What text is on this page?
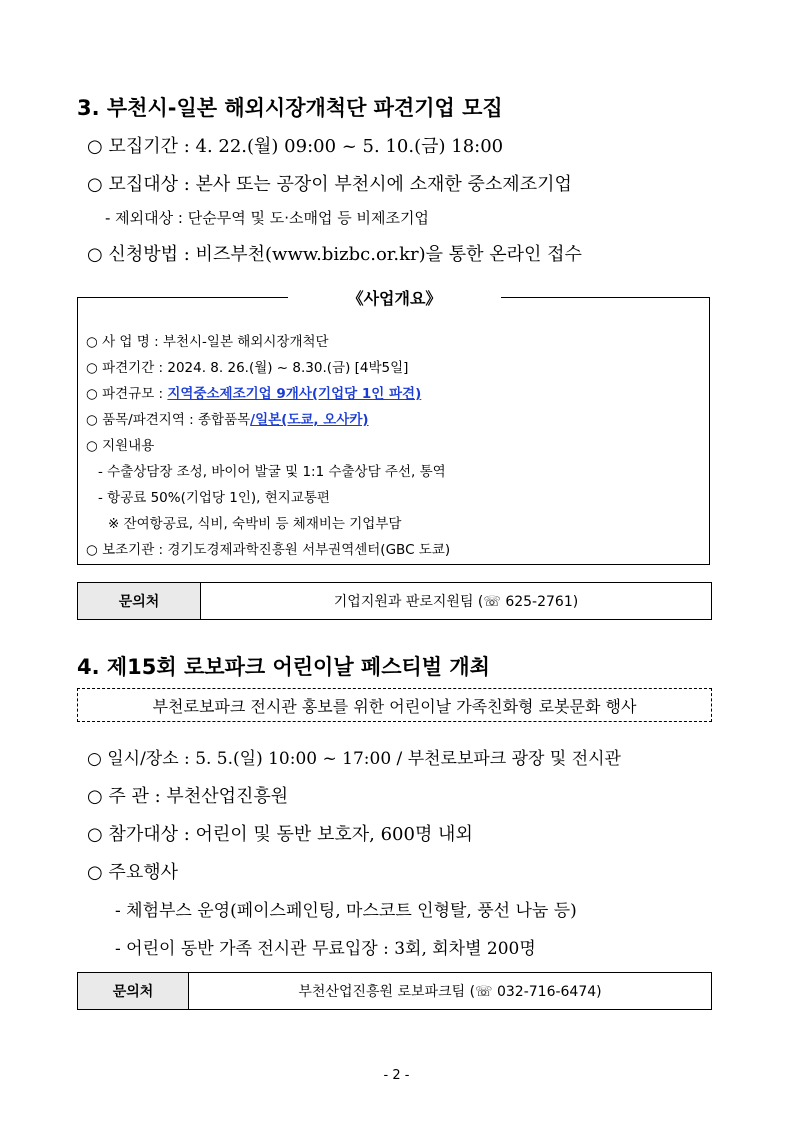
3. 부천시-일본 해외시장개척단 파견기업 모집
○ 모집기간 : 4. 22.(월) 09:00 ~ 5. 10.(금) 18:00
○ 모집대상 : 본사 또는 공장이 부천시에 소재한 중소제조기업
- 제외대상 : 단순무역 및 도·소매업 등 비제조기업
○ 신청방법 : 비즈부천(www.bizbc.or.kr)을 통한 온라인 접수
《사업개요》
○ 사 업 명 : 부천시-일본 해외시장개척단
○ 파견기간 : 2024. 8. 26.(월) ~ 8.30.(금) [4박5일]
○ 파견규모 : 지역중소제조기업 9개사(기업당 1인 파견)
○ 품목/파견지역 : 종합품목/일본(도쿄, 오사카)
○ 지원내용
- 수출상담장 조성, 바이어 발굴 및 1:1 수출상담 주선, 통역
- 항공료 50%(기업당 1인), 현지교통편
※ 잔여항공료, 식비, 숙박비 등 체재비는 기업부담
○ 보조기관 : 경기도경제과학진흥원 서부권역센터(GBC 도쿄)
문의처	기업지원과 판로지원팀 (☏ 625-2761)
4. 제15회 로보파크 어린이날 페스티벌 개최
부천로보파크 전시관 홍보를 위한 어린이날 가족친화형 로봇문화 행사
○ 일시/장소 : 5. 5.(일) 10:00 ~ 17:00 / 부천로보파크 광장 및 전시관
○ 주 관 : 부천산업진흥원
○ 참가대상 : 어린이 및 동반 보호자, 600명 내외
○ 주요행사
- 체험부스 운영(페이스페인팅, 마스코트 인형탈, 풍선 나눔 등)
- 어린이 동반 가족 전시관 무료입장 : 3회, 회차별 200명
문의처	부천산업진흥원 로보파크팀 (☏ 032-716-6474)
- 2 -
